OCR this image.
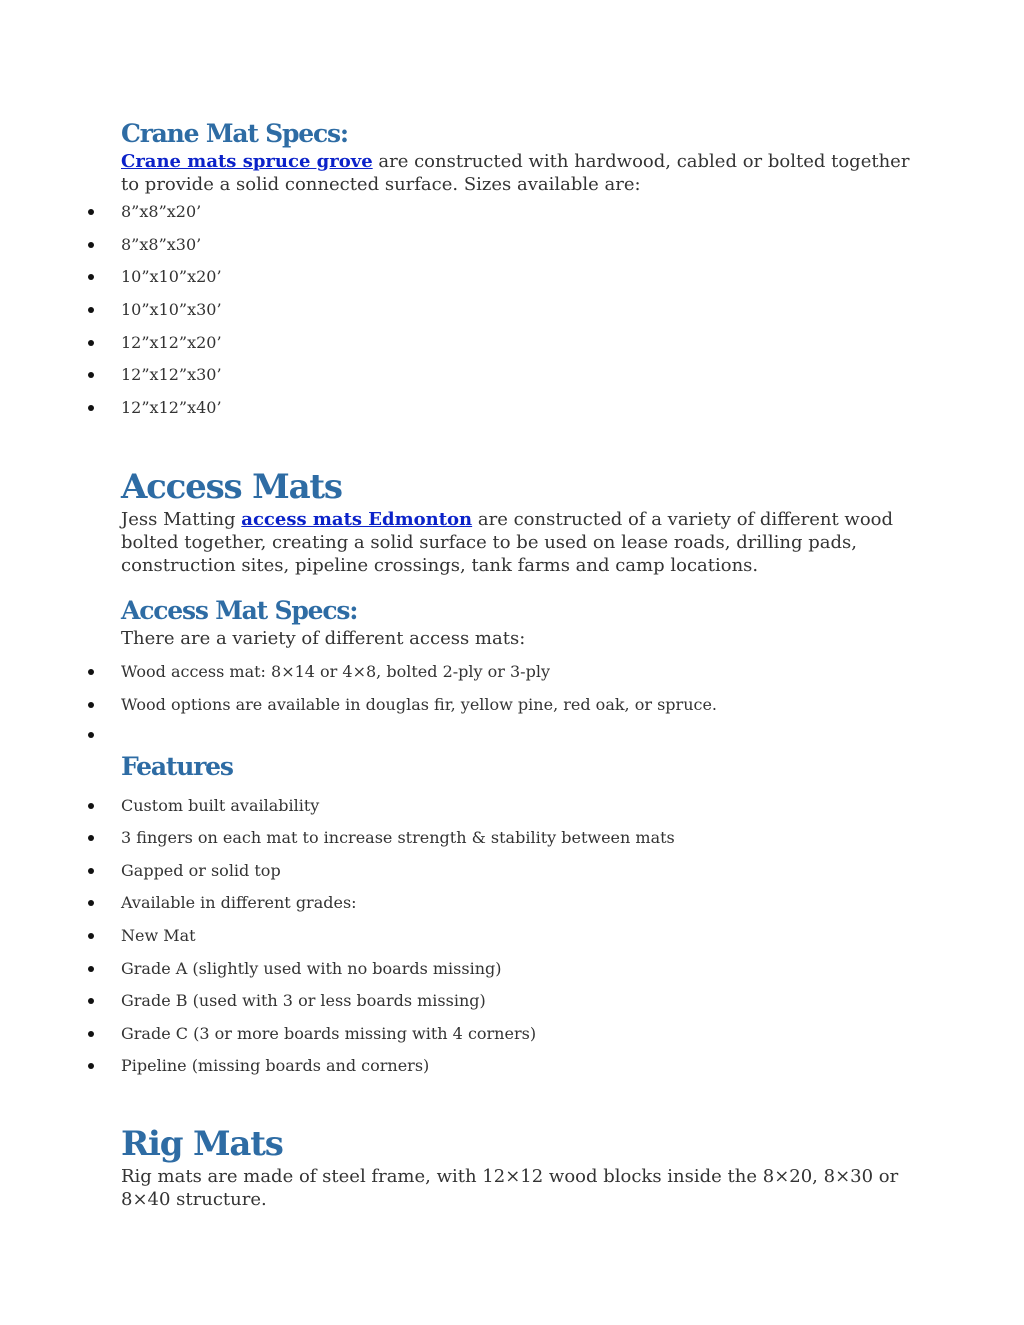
Crane Mat Specs:

Crane mats spruce grove are constructed with hardwood, cabled or bolted together to provide a solid connected surface. Sizes available are:

8”x8”x20’
8”x8”x30’
10”x10”x20’
10”x10”x30’
12”x12”x20’
12”x12”x30’
12”x12”x40’
Access Mats

Jess Matting access mats Edmonton are constructed of a variety of different wood bolted together, creating a solid surface to be used on lease roads, drilling pads, construction sites, pipeline crossings, tank farms and camp locations.

Access Mat Specs:

There are a variety of different access mats:

Wood access mat: 8×14 or 4×8, bolted 2-ply or 3-ply
Wood options are available in douglas fir, yellow pine, red oak, or spruce.
Features
Custom built availability
3 fingers on each mat to increase strength & stability between mats
Gapped or solid top
Available in different grades:
New Mat
Grade A (slightly used with no boards missing)
Grade B (used with 3 or less boards missing)
Grade C (3 or more boards missing with 4 corners)
Pipeline (missing boards and corners)
Rig Mats

Rig mats are made of steel frame, with 12×12 wood blocks inside the 8×20, 8×30 or 8×40 structure.
